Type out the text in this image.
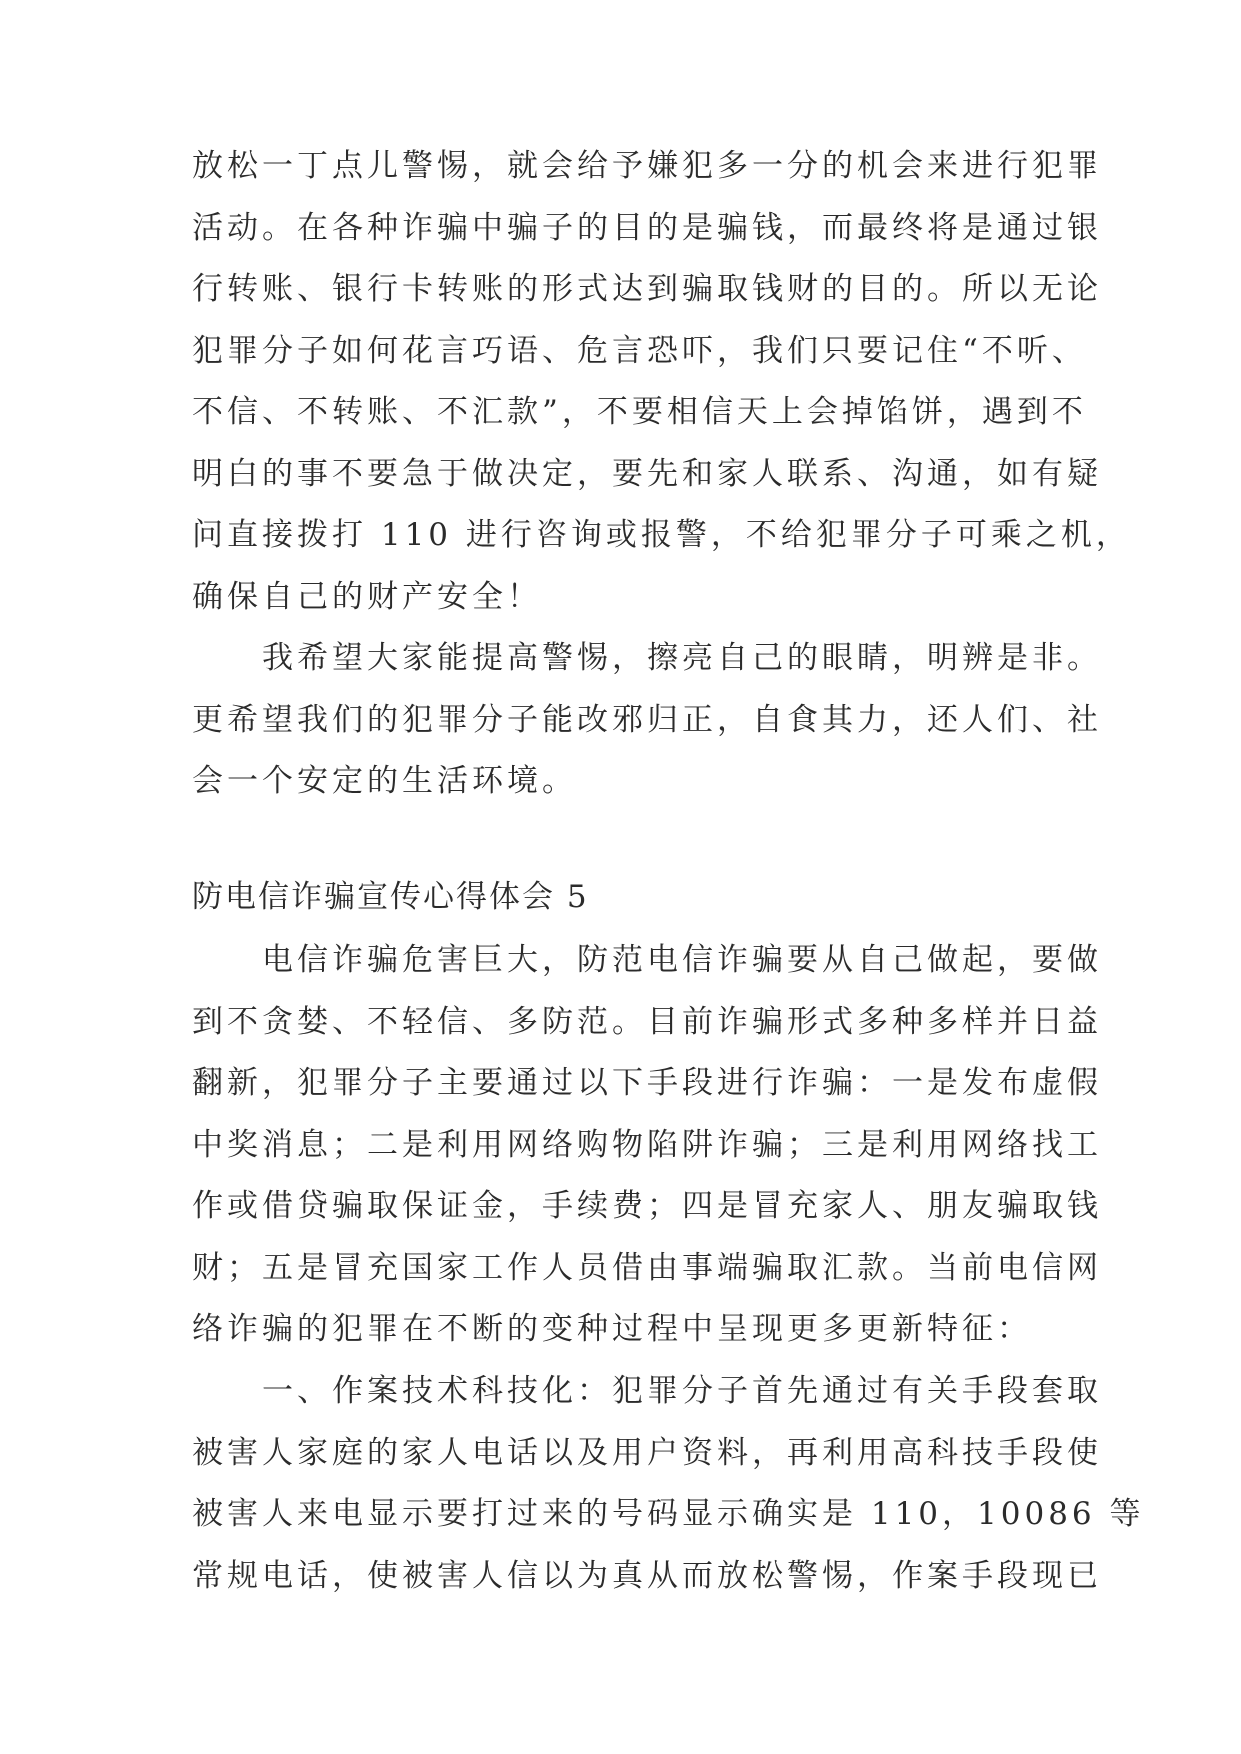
放松一丁点儿警惕，就会给予嫌犯多一分的机会来进行犯罪
活动。在各种诈骗中骗子的目的是骗钱，而最终将是通过银
行转账、银行卡转账的形式达到骗取钱财的目的。所以无论
犯罪分子如何花言巧语、危言恐吓，我们只要记住“不听、
不信、不转账、不汇款”，不要相信天上会掉馅饼，遇到不
明白的事不要急于做决定，要先和家人联系、沟通，如有疑
问直接拨打 110 进行咨询或报警，不给犯罪分子可乘之机，
确保自己的财产安全！
我希望大家能提高警惕，擦亮自己的眼睛，明辨是非。
更希望我们的犯罪分子能改邪归正，自食其力，还人们、社
会一个安定的生活环境。
防电信诈骗宣传心得体会 5
电信诈骗危害巨大，防范电信诈骗要从自己做起，要做
到不贪婪、不轻信、多防范。目前诈骗形式多种多样并日益
翻新，犯罪分子主要通过以下手段进行诈骗：一是发布虚假
中奖消息；二是利用网络购物陷阱诈骗；三是利用网络找工
作或借贷骗取保证金，手续费；四是冒充家人、朋友骗取钱
财；五是冒充国家工作人员借由事端骗取汇款。当前电信网
络诈骗的犯罪在不断的变种过程中呈现更多更新特征：
一、作案技术科技化：犯罪分子首先通过有关手段套取
被害人家庭的家人电话以及用户资料，再利用高科技手段使
被害人来电显示要打过来的号码显示确实是 110，10086 等
常规电话，使被害人信以为真从而放松警惕，作案手段现已
